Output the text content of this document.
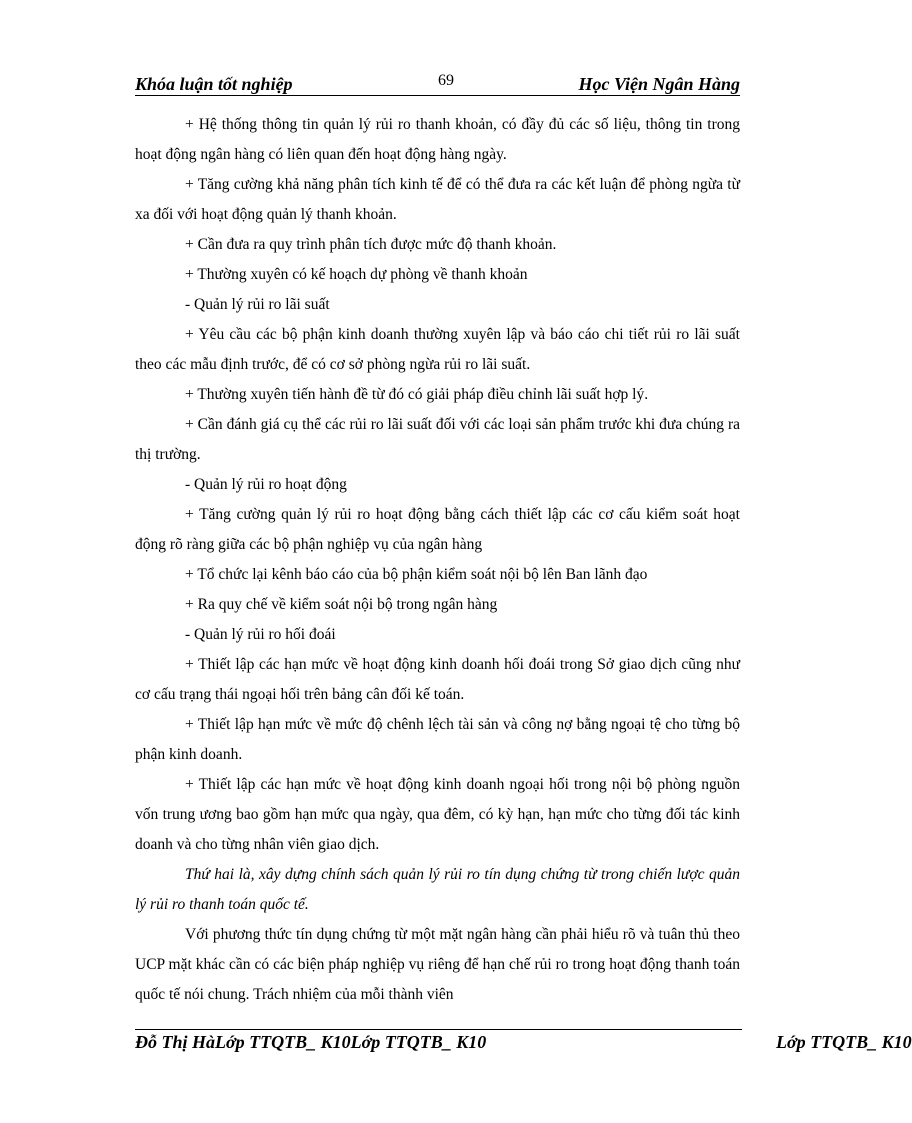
Khóa luận tốt nghiệp	69	Học Viện Ngân Hàng

+ Hệ thống thông tin quản lý rủi ro thanh khoản, có đầy đủ các số liệu, thông tin trong hoạt động ngân hàng có liên quan đến hoạt động hàng ngày.

+ Tăng cường khả năng phân tích kinh tế để có thể đưa ra các kết luận để phòng ngừa từ xa đối với hoạt động quản lý thanh khoản.

+ Cần đưa ra quy trình phân tích được mức độ thanh khoản.

+ Thường xuyên có kế hoạch dự phòng về thanh khoản

- Quản lý rủi ro lãi suất

+ Yêu cầu các bộ phận kinh doanh thường xuyên lập và báo cáo chi tiết rủi ro lãi suất theo các mẫu định trước, để có cơ sở phòng ngừa rủi ro lãi suất.

+ Thường xuyên tiến hành đề từ đó có giải pháp điều chỉnh lãi suất hợp lý.

+ Cần đánh giá cụ thể các rủi ro lãi suất đối với các loại sản phẩm trước khi đưa chúng ra thị trường.

- Quản lý rủi ro hoạt động

+ Tăng cường quản lý rủi ro hoạt động bằng cách thiết lập các cơ cấu kiểm soát hoạt động rõ ràng giữa các bộ phận nghiệp vụ của ngân hàng

+ Tổ chức lại kênh báo cáo của bộ phận kiểm soát nội bộ lên Ban lãnh đạo

+ Ra quy chế về kiểm soát nội bộ trong ngân hàng

- Quản lý rủi ro hối đoái

+ Thiết lập các hạn mức về hoạt động kinh doanh hối đoái trong Sở giao dịch cũng như cơ cấu trạng thái ngoại hối trên bảng cân đối kế toán.

+ Thiết lập hạn mức về mức độ chênh lệch tài sản và công nợ bằng ngoại tệ cho từng bộ phận kinh doanh.

+ Thiết lập các hạn mức về hoạt động kinh doanh ngoại hối trong nội bộ phòng nguồn vốn trung ương bao gồm hạn mức qua ngày, qua đêm, có kỳ hạn, hạn mức cho từng đối tác kinh doanh và cho từng nhân viên giao dịch.

Thứ hai là, xây dựng chính sách quản lý rủi ro tín dụng chứng từ trong chiến lược quản lý rủi ro thanh toán quốc tế.

Với phương thức tín dụng chứng từ một mặt ngân hàng cần phải hiểu rõ và tuân thủ theo UCP mặt khác cần có các biện pháp nghiệp vụ riêng để hạn chế rủi ro trong hoạt động thanh toán quốc tế nói chung. Trách nhiệm của mỗi thành viên

Đỗ Thị HàLớp TTQTB_ K10Lớp TTQTB_ K10	Lớp TTQTB_ K10
